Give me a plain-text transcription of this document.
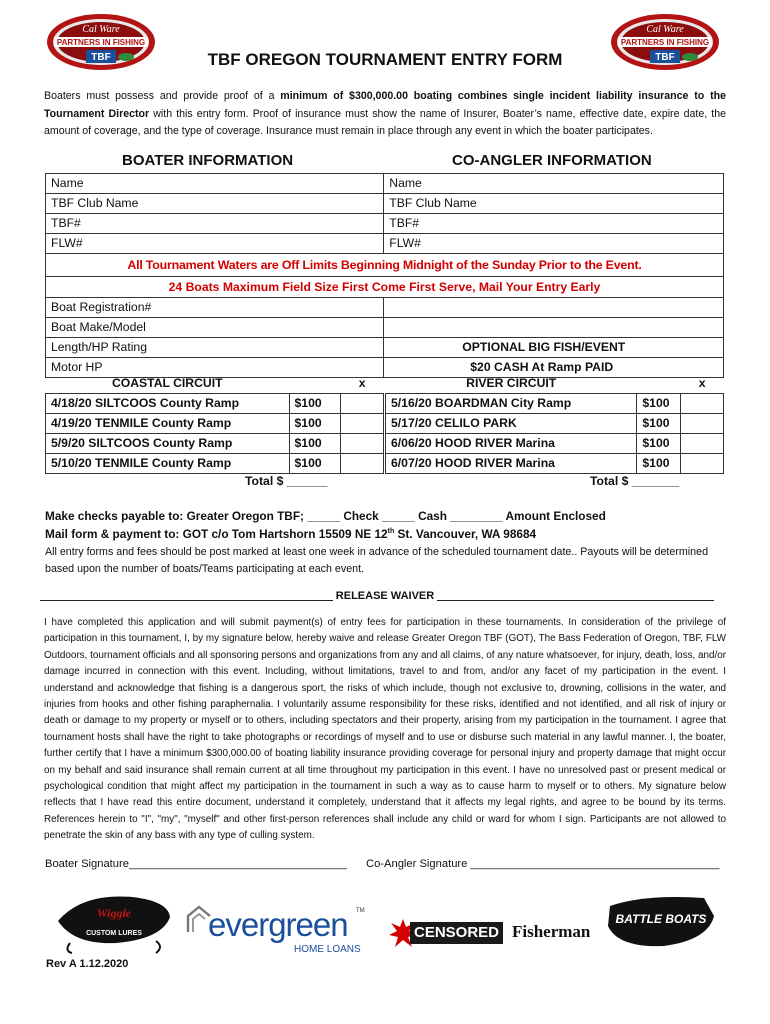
PARTNERS IN FISHING
Cal Ware
TBF
PARTNERS IN FISHING
Cal Ware
TBF
TBF OREGON TOURNAMENT ENTRY FORM
Boaters must possess and provide proof of a minimum of $300,000.00 boating combines single incident liability insurance to the Tournament Director with this entry form. Proof of insurance must show the name of Insurer, Boater’s name, effective date, expire date, the amount of coverage, and the type of coverage. Insurance must remain in place through any event in which the boater participates.
BOATER INFORMATION	CO-ANGLER INFORMATION
Name	Name
TBF Club Name	TBF Club Name
TBF#	TBF#
FLW#	FLW#
All Tournament Waters are Off Limits Beginning Midnight of the Sunday Prior to the Event.	
24 Boats Maximum Field Size First Come First Serve, Mail Your Entry Early	
Boat Registration#	
Boat Make/Model	
Length/HP Rating	OPTIONAL BIG FISH/EVENT
Motor HP	$20 CASH At Ramp PAID
COASTAL CIRCUIT		x
4/18/20 SILTCOOS County Ramp	$100	
4/19/20 TENMILE County Ramp	$100	
5/9/20 SILTCOOS County Ramp	$100	
5/10/20 TENMILE County Ramp	$100	
RIVER CIRCUIT		x
5/16/20 BOARDMAN City Ramp	$100	
5/17/20 CELILO PARK	$100	
6/06/20 HOOD RIVER Marina	$100	
6/07/20 HOOD RIVER Marina	$100	
Total $ ______	Total $ _______
Make checks payable to: Greater Oregon TBF; _____ Check _____ Cash ________ Amount Enclosed
Mail form & payment to: GOT c/o Tom Hartshorn 15509 NE 12th St. Vancouver, WA 98684
All entry forms and fees should be post marked at least one week in advance of the scheduled tournament date.. Payouts will be determined based upon the number of boats/Teams participating at each event.
RELEASE WAIVER
I have completed this application and will submit payment(s) of entry fees for participation in these tournaments. In consideration of the privilege of participation in this tournament, I, by my signature below, hereby waive and release Greater Oregon TBF (GOT), The Bass Federation of Oregon, TBF, FLW Outdoors, tournament officials and all sponsoring persons and organizations from any and all claims, of any nature whatsoever, for injury, death, loss, and/or damage incurred in connection with this event. Including, without limitations, travel to and from, and/or any facet of my participation in the event. I understand and acknowledge that fishing is a dangerous sport, the risks of which include, though not exclusive to, drowning, collisions in the water, and injuries from hooks and other fishing paraphernalia. I voluntarily assume responsibility for these risks, identified and not identified, and all risk of injury or death or damage to my property or myself or to others, including spectators and their property, arising from my participation in the tournament. I agree that tournament hosts shall have the right to take photographs or recordings of myself and to use or disburse such material in any lawful manner. I, the boater, further certify that I have a minimum $300,000.00 of boating liability insurance providing coverage for personal injury and property damage that might occur on my behalf and said insurance shall remain current at all time throughout my participation in this event. I have no unresolved past or present medical or psychological condition that might affect my participation in the tournament in such a way as to cause harm to myself or to others. My signature below reflects that I have read this entire document, understand it completely, understand that it affects my legal rights, and agree to be bound by its terms. References herein to "I", "my", "myself" and other first-person references shall include any child or ward for whom I sign. Participants are not allowed to penetrate the skin of any bass with any type of culling system.
Boater Signature___________________________________ Co-Angler Signature ________________________________________
Wiggle
CUSTOM LURES evergreen TM
HOME LOANS
CENSORED Fisherman
BATTLE BOATS
Rev A 1.12.2020
